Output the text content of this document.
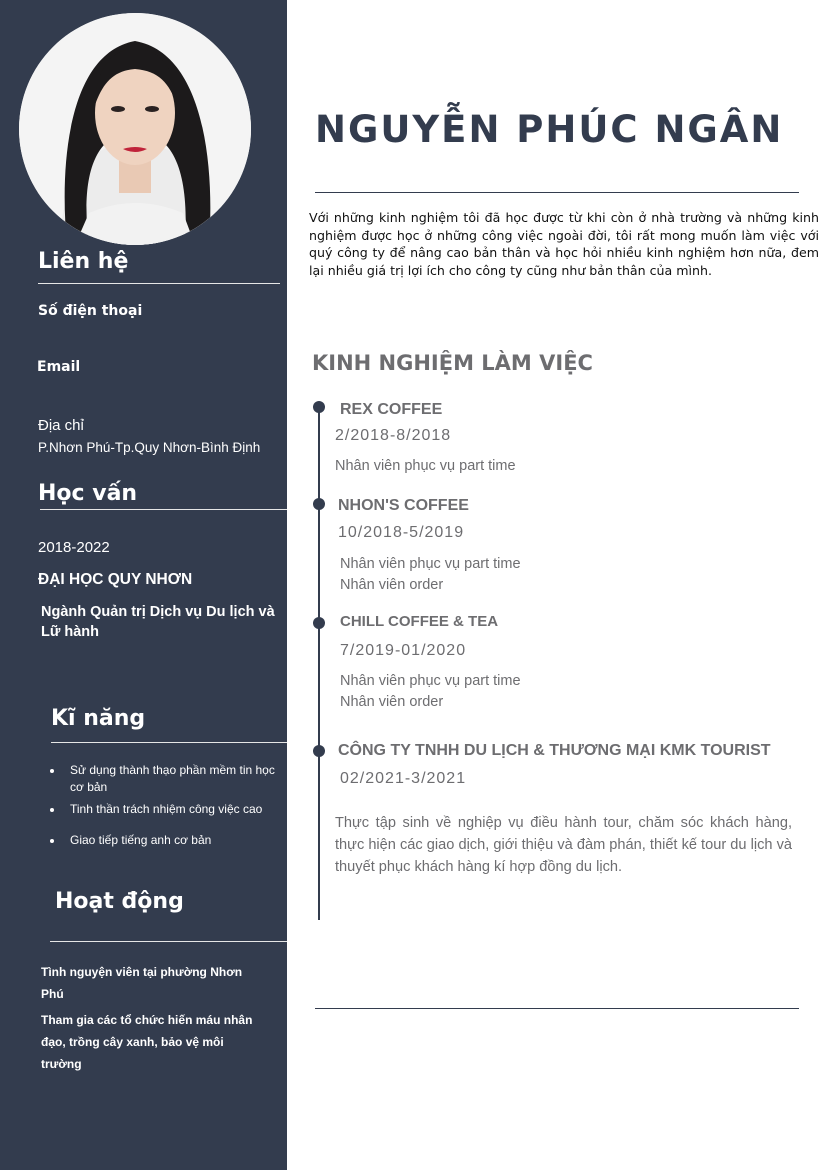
Liên hệ
Số điện thoại
Email
Địa chỉ
P.Nhơn Phú-Tp.Quy Nhơn-Bình Định
Học vấn
2018-2022
ĐẠI HỌC QUY NHƠN
Ngành Quản trị Dịch vụ Du lịch và Lữ hành
Kĩ năng
Sử dụng thành thạo phần mềm tin học cơ bản
Tinh thần trách nhiệm công việc cao
Giao tiếp tiếng anh cơ bản
Hoạt động
Tình nguyện viên tại phường Nhơn Phú
Tham gia các tổ chức hiến máu nhân đạo, trồng cây xanh, bảo vệ môi trường
NGUYỄN PHÚC NGÂN
Với những kinh nghiệm tôi đã học được từ khi còn ở nhà trường và những kinh nghiệm được học ở những công việc ngoài đời, tôi rất mong muốn làm việc với quý công ty để nâng cao bản thân và học hỏi nhiều kinh nghiệm hơn nữa, đem lại nhiều giá trị lợi ích cho công ty cũng như bản thân của mình.
KINH NGHIỆM LÀM VIỆC
REX COFFEE
2/2018-8/2018
Nhân viên phục vụ part time
NHON'S COFFEE
10/2018-5/2019
Nhân viên phục vụ part time
Nhân viên order
CHILL COFFEE & TEA
7/2019-01/2020
Nhân viên phục vụ part time
Nhân viên order
CÔNG TY TNHH DU LỊCH & THƯƠNG MẠI KMK TOURIST
02/2021-3/2021
Thực tập sinh về nghiệp vụ điều hành tour, chăm sóc khách hàng, thực hiện các giao dịch, giới thiệu và đàm phán, thiết kế tour du lịch và thuyết phục khách hàng kí hợp đồng du lịch.
